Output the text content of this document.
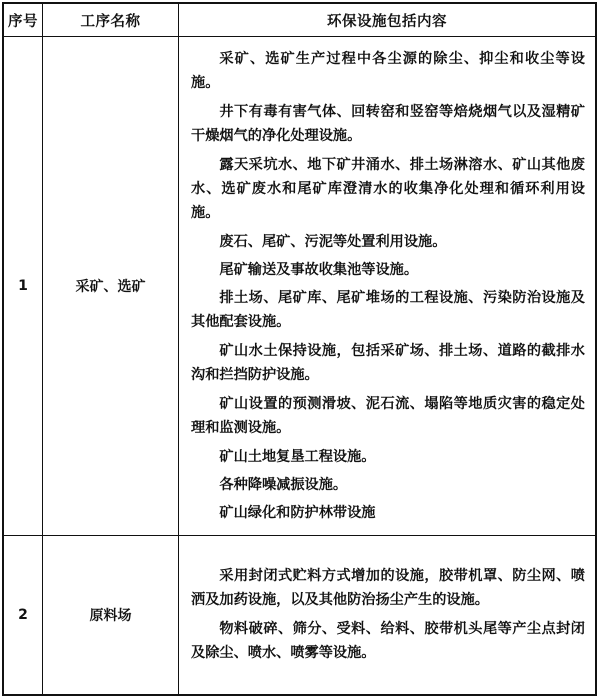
序号	工序名称	环保设施包括内容
1	采矿、选矿

采矿、选矿生产过程中各尘源的除尘、抑尘和收尘等设施。

井下有毒有害气体、回转窑和竖窑等焙烧烟气以及湿精矿干燥烟气的净化处理设施。

露天采坑水、地下矿井涌水、排土场淋溶水、矿山其他废水、选矿废水和尾矿库澄清水的收集净化处理和循环利用设施。

废石、尾矿、污泥等处置利用设施。

尾矿输送及事故收集池等设施。

排土场、尾矿库、尾矿堆场的工程设施、污染防治设施及其他配套设施。

矿山水土保持设施，包括采矿场、排土场、道路的截排水沟和拦挡防护设施。

矿山设置的预测滑坡、泥石流、塌陷等地质灾害的稳定处理和监测设施。

矿山土地复垦工程设施。

各种降噪减振设施。

矿山绿化和防护林带设施

2	原料场

采用封闭式贮料方式增加的设施，胶带机罩、防尘网、喷洒及加药设施，以及其他防治扬尘产生的设施。

物料破碎、筛分、受料、给料、胶带机头尾等产尘点封闭及除尘、喷水、喷雾等设施。
